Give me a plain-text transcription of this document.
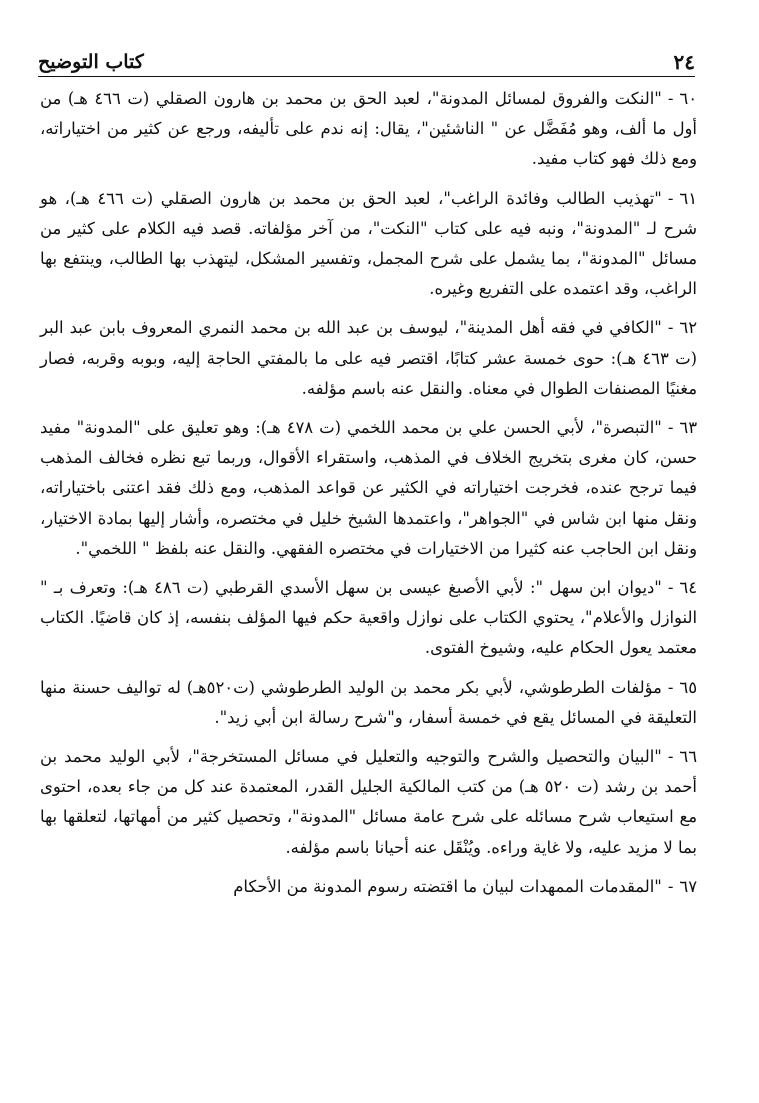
٢٤
كتاب التوضيح

٦٠-"النكت والفروق لمسائل المدونة"، لعبد الحق بن محمد بن هارون الصقلي (ت ٤٦٦ هـ) من أول ما ألف، وهو مُفَضَّل عن " الناشئين"، يقال: إنه ندم على تأليفه، ورجع عن كثير من اختياراته، ومع ذلك فهو كتاب مفيد.

٦١-"تهذيب الطالب وفائدة الراغب"، لعبد الحق بن محمد بن هارون الصقلي (ت ٤٦٦ هـ)، هو شرح لـ "المدونة"، ونبه فيه على كتاب "النكت"، من آخر مؤلفاته. قصد فيه الكلام على كثير من مسائل "المدونة"، بما يشمل على شرح المجمل، وتفسير المشكل، ليتهذب بها الطالب، وينتفع بها الراغب، وقد اعتمده على التفريع وغيره.

٦٢-"الكافي في فقه أهل المدينة"، ليوسف بن عبد الله بن محمد النمري المعروف بابن عبد البر (ت ٤٦٣ هـ): حوى خمسة عشر كتابًا، اقتصر فيه على ما بالمفتي الحاجة إليه، وبوبه وقربه، فصار مغنيًا المصنفات الطوال في معناه. والنقل عنه باسم مؤلفه.

٦٣-"التبصرة"، لأبي الحسن علي بن محمد اللخمي (ت ٤٧٨ هـ): وهو تعليق على "المدونة" مفيد حسن، كان مغرى بتخريج الخلاف في المذهب، واستقراء الأقوال، وربما تبع نظره فخالف المذهب فيما ترجح عنده، فخرجت اختياراته في الكثير عن قواعد المذهب، ومع ذلك فقد اعتنى باختياراته، ونقل منها ابن شاس في "الجواهر"، واعتمدها الشيخ خليل في مختصره، وأشار إليها بمادة الاختيار، ونقل ابن الحاجب عنه كثيرا من الاختيارات في مختصره الفقهي. والنقل عنه بلفظ " اللخمي".

٦٤-"ديوان ابن سهل ": لأبي الأصبغ عيسى بن سهل الأسدي القرطبي (ت ٤٨٦ هـ): وتعرف بـ " النوازل والأعلام"، يحتوي الكتاب على نوازل واقعية حكم فيها المؤلف بنفسه، إذ كان قاضيًا. الكتاب معتمد يعول الحكام عليه، وشيوخ الفتوى.

٦٥-مؤلفات الطرطوشي، لأبي بكر محمد بن الوليد الطرطوشي (ت٥٢٠هـ) له تواليف حسنة منها التعليقة في المسائل يقع في خمسة أسفار، و"شرح رسالة ابن أبي زيد".

٦٦-"البيان والتحصيل والشرح والتوجيه والتعليل في مسائل المستخرجة"، لأبي الوليد محمد بن أحمد بن رشد (ت ٥٢٠ هـ) من كتب المالكية الجليل القدر، المعتمدة عند كل من جاء بعده، احتوى مع استيعاب شرح مسائله على شرح عامة مسائل "المدونة"، وتحصيل كثير من أمهاتها، لتعلقها بها بما لا مزيد عليه، ولا غاية وراءه. ويُنْقَل عنه أحيانا باسم مؤلفه.

٦٧-"المقدمات الممهدات لبيان ما اقتضته رسوم المدونة من الأحكام
